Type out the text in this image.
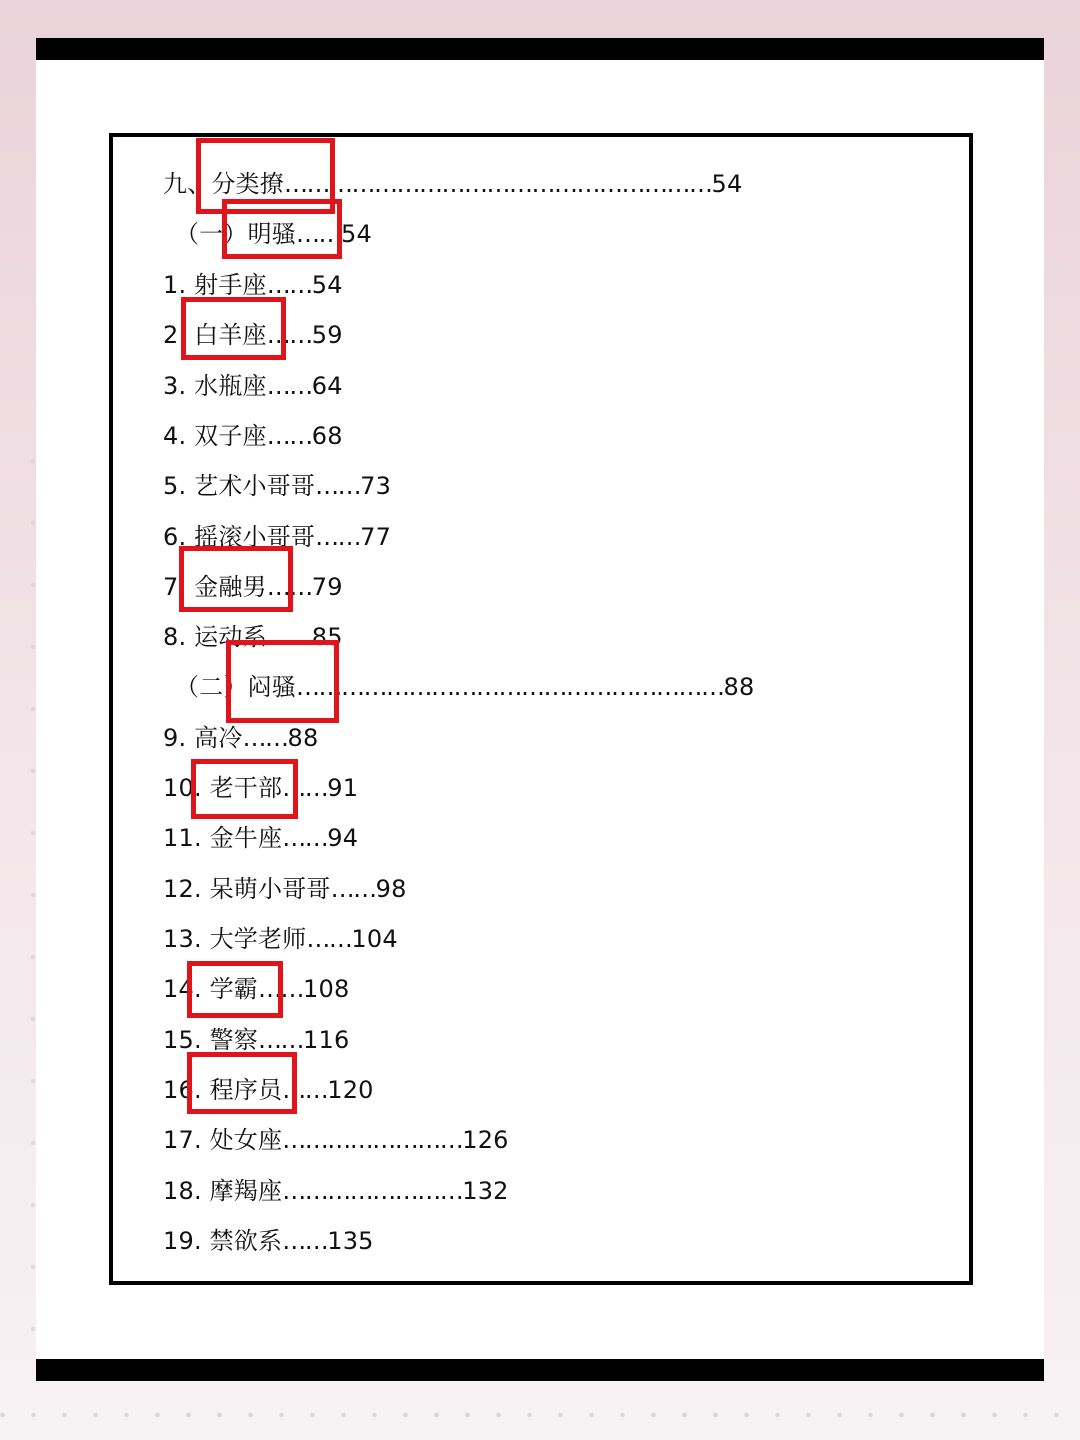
九、分类撩…………………………………………………54
（一）明骚……54
1. 射手座……54
2. 白羊座……59
3. 水瓶座……64
4. 双子座……68
5. 艺术小哥哥……73
6. 摇滚小哥哥……77
7. 金融男……79
8. 运动系……85
（二）闷骚…………………………………………………88
9. 高冷……88
10. 老干部……91
11. 金牛座……94
12. 呆萌小哥哥……98
13. 大学老师……104
14. 学霸……108
15. 警察……116
16. 程序员……120
17. 处女座……………………126
18. 摩羯座……………………132
19. 禁欲系……135
